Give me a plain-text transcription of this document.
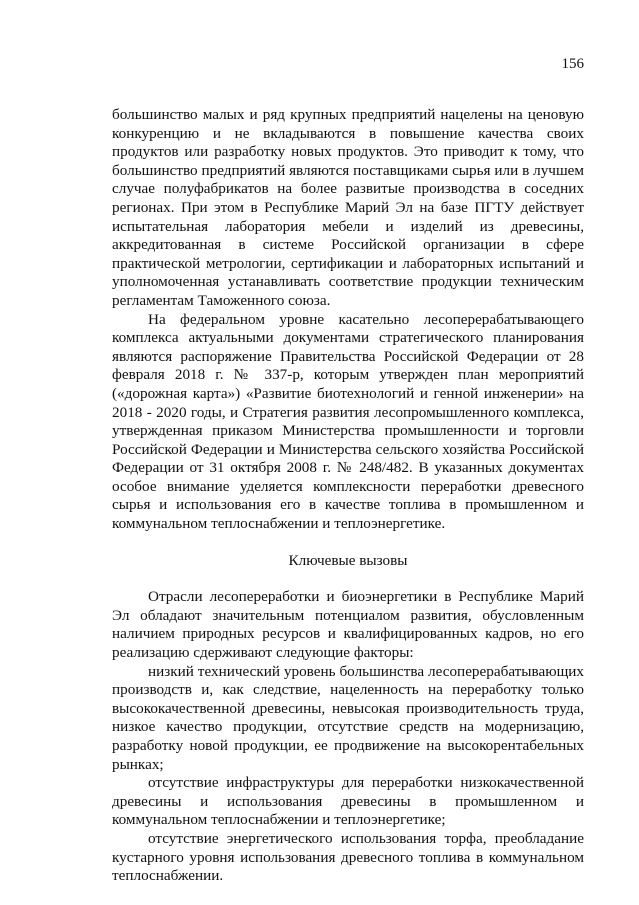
156

большинство малых и ряд крупных предприятий нацелены на ценовую конкуренцию и не вкладываются в повышение качества своих продуктов или разработку новых продуктов. Это приводит к тому, что большинство предприятий являются поставщиками сырья или в лучшем случае полуфабрикатов на более развитые производства в соседних регионах. При этом в Республике Марий Эл на базе ПГТУ действует испытательная лаборатория мебели и изделий из древесины, аккредитованная в системе Российской организации в сфере практической метрологии, сертификации и лабораторных испытаний и уполномоченная устанавливать соответствие продукции техническим регламентам Таможенного союза.

На федеральном уровне касательно лесоперерабатывающего комплекса актуальными документами стратегического планирования являются распоряжение Правительства Российской Федерации от 28 февраля 2018 г. № 337-р, которым утвержден план мероприятий («дорожная карта») «Развитие биотехнологий и генной инженерии» на 2018 - 2020 годы, и Стратегия развития лесопромышленного комплекса, утвержденная приказом Министерства промышленности и торговли Российской Федерации и Министерства сельского хозяйства Российской Федерации от 31 октября 2008 г. № 248/482. В указанных документах особое внимание уделяется комплексности переработки древесного сырья и использования его в качестве топлива в промышленном и коммунальном теплоснабжении и теплоэнергетике.

Ключевые вызовы

Отрасли лесопереработки и биоэнергетики в Республике Марий Эл обладают значительным потенциалом развития, обусловленным наличием природных ресурсов и квалифицированных кадров, но его реализацию сдерживают следующие факторы:

низкий технический уровень большинства лесоперерабатывающих производств и, как следствие, нацеленность на переработку только высококачественной древесины, невысокая производительность труда, низкое качество продукции, отсутствие средств на модернизацию, разработку новой продукции, ее продвижение на высокорентабельных рынках;

отсутствие инфраструктуры для переработки низкокачественной древесины и использования древесины в промышленном и коммунальном теплоснабжении и теплоэнергетике;

отсутствие энергетического использования торфа, преобладание кустарного уровня использования древесного топлива в коммунальном теплоснабжении.
